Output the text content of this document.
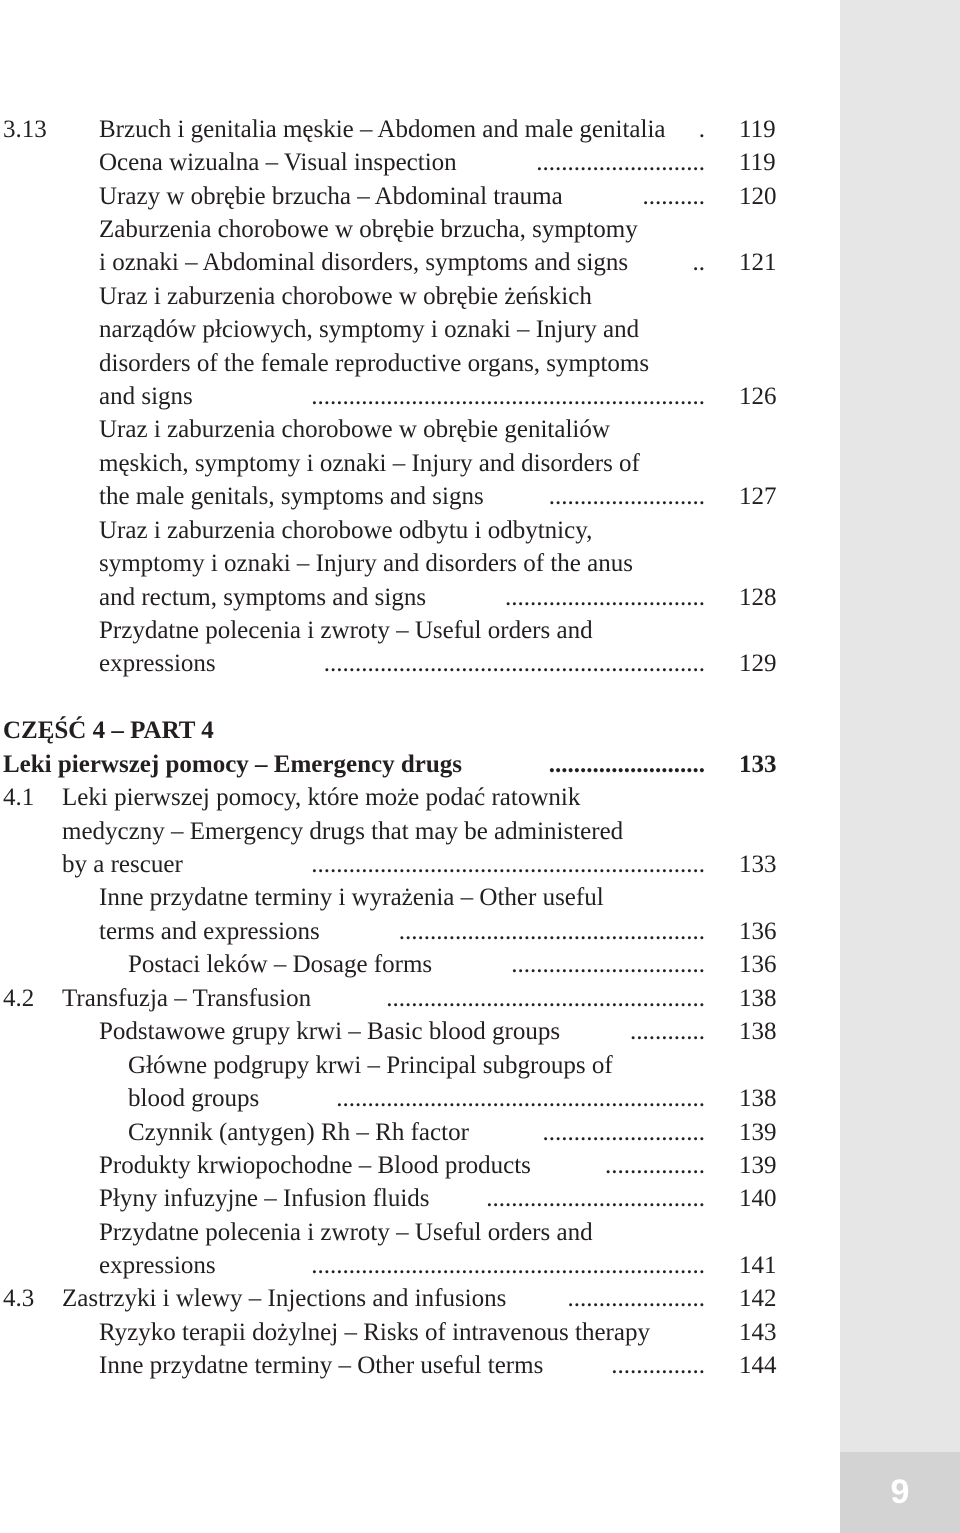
9
CZĘŚĆ 4 – PART 4
3.13 Brzuch i genitalia męskie – Abdomen and male genitalia	. 119
Ocena wizualna – Visual inspection	........................... 119
Urazy w obrębie brzucha – Abdominal trauma	.......... 120
Zaburzenia chorobowe w obrębie brzucha, symptomy
i oznaki – Abdominal disorders, symptoms and signs	.. 121
Uraz i zaburzenia chorobowe w obrębie żeńskich
narządów płciowych, symptomy i oznaki – Injury and
disorders of the female reproductive organs, symptoms
and signs	............................................................... 126
Uraz i zaburzenia chorobowe w obrębie genitaliów
męskich, symptomy i oznaki – Injury and disorders of
the male genitals, symptoms and signs	......................... 127
Uraz i zaburzenia chorobowe odbytu i odbytnicy,
symptomy i oznaki – Injury and disorders of the anus
and rectum, symptoms and signs	................................ 128
Przydatne polecenia i zwroty – Useful orders and
expressions	............................................................. 129
Leki pierwszej pomocy – Emergency drugs	......................... 133
4.1 Leki pierwszej pomocy, które może podać ratownik
medyczny – Emergency drugs that may be administered
by a rescuer	............................................................... 133
Inne przydatne terminy i wyrażenia – Other useful
terms and expressions	................................................. 136
Postaci leków – Dosage forms	............................... 136
4.2 Transfuzja – Transfusion	................................................... 138
Podstawowe grupy krwi – Basic blood groups	............ 138
Główne podgrupy krwi – Principal subgroups of
blood groups	........................................................... 138
Czynnik (antygen) Rh – Rh factor	.......................... 139
Produkty krwiopochodne – Blood products	................ 139
Płyny infuzyjne – Infusion fluids	................................... 140
Przydatne polecenia i zwroty – Useful orders and
expressions	............................................................... 141
4.3 Zastrzyki i wlewy – Injections and infusions	...................... 142
Ryzyko terapii dożylnej – Risks of intravenous therapy	143
Inne przydatne terminy – Other useful terms	............... 144
